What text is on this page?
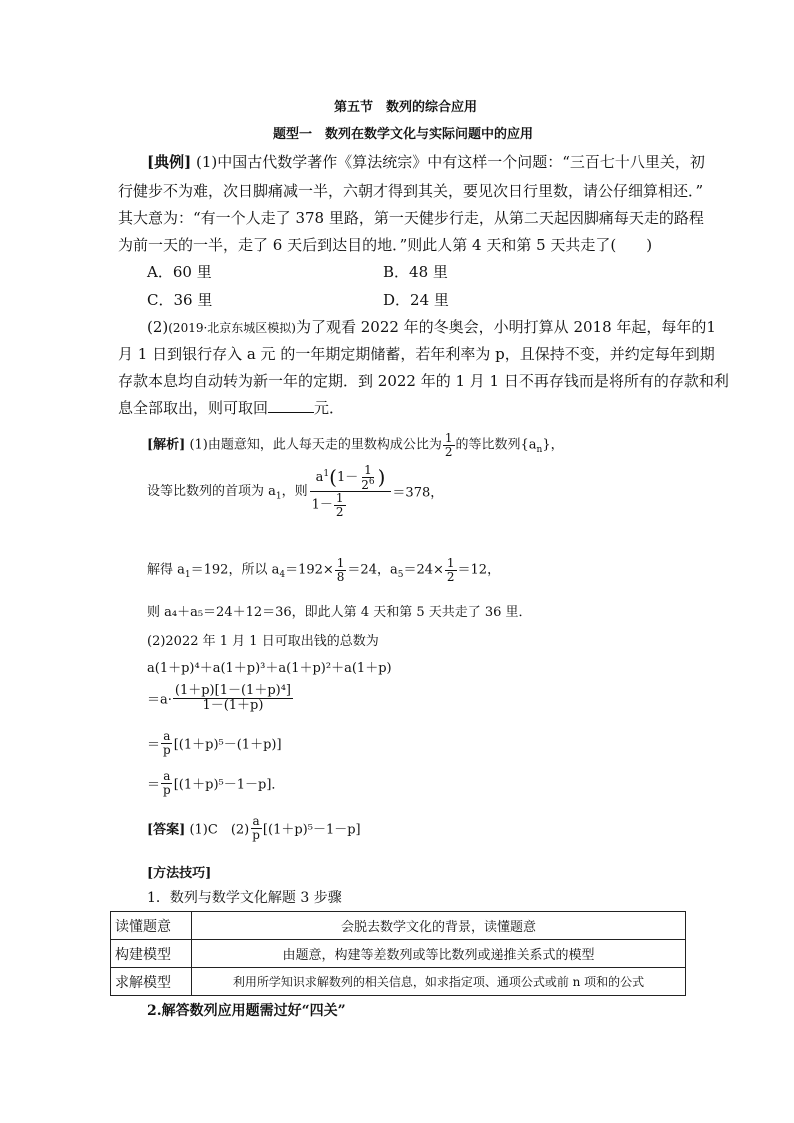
第五节　数列的综合应用
题型一　数列在数学文化与实际问题中的应用
[典例] (1)中国古代数学著作《算法统宗》中有这样一个问题：“三百七十八里关，初
行健步不为难，次日脚痛减一半，六朝才得到其关，要见次日行里数，请公仔细算相还．”
其大意为：“有一个人走了 378 里路，第一天健步行走，从第二天起因脚痛每天走的路程
为前一天的一半，走了 6 天后到达目的地．”则此人第 4 天和第 5 天共走了(　　)
A．60 里	B．48 里
C．36 里	D．24 里
(2)(2019·北京东城区模拟)为了观看 2022 年的冬奥会，小明打算从 2018 年起，每年的1
月 1 日到银行存入 a 元 的一年期定期储蓄，若年利率为 p，且保持不变，并约定每年到期
存款本息均自动转为新一年的定期．到 2022 年的 1 月 1 日不再存钱而是将所有的存款和利
息全部取出，则可取回	元．
[解析] (1)由题意知，此人每天走的里数构成公比为 $\frac{1}{2}$ 的等比数列$\{a_n\}$，
设等比数列的首项为 $a_1$，则 $\frac{a^1(1- \frac{1}{2^6} )}{1- \frac{1}{2}} =378$，
解得 $a_1=192$，所以 $a_4=192\times \frac{1}{8} =24$，$a_5=24\times \frac{1}{2} =12$，
则 a₄＋a₅＝24＋12＝36，即此人第 4 天和第 5 天共走了 36 里．
(2)2022 年 1 月 1 日可取出钱的总数为
a(1＋p)⁴＋a(1＋p)³＋a(1＋p)²＋a(1＋p)
$=a\cdot \frac{\text{(1＋p)[1－(1＋p)⁴]}}{1-(1+p)}$
＝ $\frac{a}{p} [(1+p)^5-(1+p)]$
＝ $\frac{a}{p} [(1+p)^5-1-p]$．
[答案] (1)C　$(2) \frac{a}{p} [(1+p)^5-1-p]$
[方法技巧]
1．数列与数学文化解题 3 步骤
读懂题意	会脱去数学文化的背景，读懂题意
构建模型	由题意，构建等差数列或等比数列或递推关系式的模型
求解模型	利用所学知识求解数列的相关信息，如求指定项、通项公式或前 n 项和的公式
2.解答数列应用题需过好“四关”
